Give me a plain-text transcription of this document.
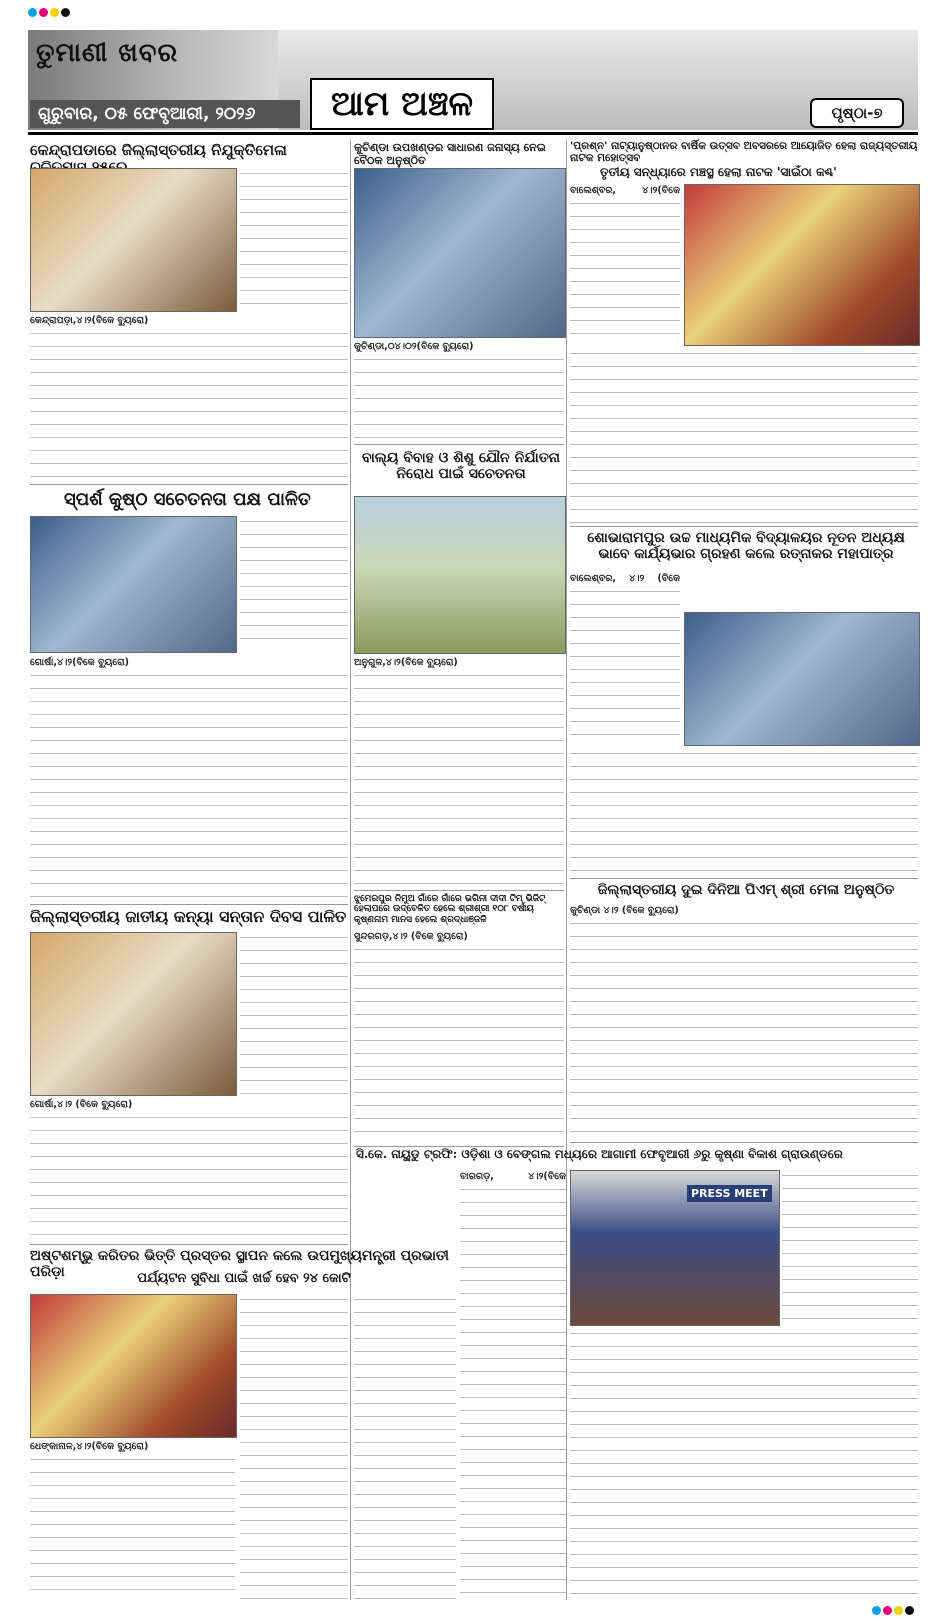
ତୁମାଣୀ ଖବର
ଗୁରୁବାର, ୦୫ ଫେବୃଆରୀ, ୨୦୨୬	ଆମ ଅଞ୍ଚଳ	ପୃଷ୍ଠା-୭
କେନ୍ଦ୍ରାପଡାରେ ଜିଲ୍ଲାସ୍ତରୀୟ ନିଯୁକ୍ତିମେଳା
କେନ୍ଦ୍ରାପଡ଼ା,୪।୨(ବିକେ ବ୍ୟୁରୋ)
କୁଚିଣ୍ଡା ଉପଖଣ୍ଡର ସାଧାରଣ ଜନାସ୍ୟ ନେଇ ବୈଠକ ଅନୁଷ୍ଠିତ
କୁଚିଣ୍ଡା,୦୪।୦୨(ବିକେ ବ୍ୟୁରୋ)
'ପ୍ରଶ୍ନ' ନାଟ୍ୟାନୁଷ୍ଠାନର ବାର୍ଷିକ ଉତ୍ସବ ଅବସରରେ ଆୟୋଜିତ ହେଲା ରାଜ୍ୟସ୍ତରୀୟ ନାଟକ ମହୋତ୍ସବ
ତୃତୀୟ ସନ୍ଧ୍ୟାରେ ମଞ୍ଚସ୍ଥ ହେଲା ନାଟକ 'ସାଇଁଠା କଣ୍ଢ'
ବାଲେଶ୍ବର, ୪।୨(ବିକେ
ସ୍ପର୍ଶ କୁଷ୍ଠ ସଚେତନତା ପକ୍ଷ ପାଳିତ
ଗୋର୍ଷା,୪।୨(ବିକେ ବ୍ୟୁରୋ)
ବାଲ୍ୟ ବିବାହ ଓ ଶିଶୁ ଯୌନ ନିର୍ଯାତନା ନିରୋଧ ପାଇଁ ସଚେତନତା
ଅନୁଗୁଳ,୪।୨(ବିକେ ବ୍ୟୁରୋ)
ଶୋଭାରାମପୁର ଉଚ୍ଚ ମାଧ୍ୟମିକ ବିଦ୍ୟାଳୟର ନୂତନ ଅଧ୍ୟକ୍ଷ ଭାବେ କାର୍ଯ୍ୟଭାର ଗ୍ରହଣ କଲେ ରତ୍ନାକର ମହାପାତ୍ର
ବାଲେଶ୍ବର, ୪।୨ (ବିକେ
ଜିଲ୍ଲାସ୍ତରୀୟ ଜାତୀୟ କନ୍ୟା ସନ୍ତାନ ଦିବସ ପାଳିତ
ଗୋର୍ଷା,୪।୨ (ବିକେ ବ୍ୟୁରୋ)
ଝୁମେରପୁର ନିମୁଅ ଗାଁରେ ଗାଁରେ ଭଗିନୀ ଦୀଦୀ ଟିମ୍ ଭିଜିଟ୍ ହେଲାପରେ ଉଦ୍ବେଳିତ ହେଲେ ଶ୍ରୀଶ୍ରୀ ୧୦୮ ବର୍ଷୀୟ କୃଷ୍ଣନାମ ମାନସ ହେଲେ ଶ୍ରଦ୍ଧାଞ୍ଜଳି
ସୁନ୍ଦରଗଡ଼,୪।୨ (ବିକେ ବ୍ୟୁରୋ)
ଜିଲ୍ଲାସ୍ତରୀୟ ଦୁଇ ଦିନିଆ ପିଏମ୍ ଶ୍ରୀ ମେଳା ଅନୁଷ୍ଠିତ
କୁଚିଣ୍ଡା ୪।୨ (ବିକେ ବ୍ୟୁରୋ)
ସି.କେ. ନାୟୁଡୁ ଟ୍ରଫି: ଓଡ଼ିଶା ଓ ବେଙ୍ଗଲ ମଧ୍ୟରେ ଆଗାମୀ ଫେବୃଆରୀ ୬ରୁ କୃଷ୍ଣା ବିକାଶ ଗ୍ରାଉଣ୍ଡରେ
ବାରଗଡ଼, ୪।୨(ବିକେ
PRESS MEET
ଅଷ୍ଟଶମ୍ଭୁ କରିତର ଭିତ୍ତି ପ୍ରସ୍ତର ସ୍ଥାପନ କଲେ ଉପମୁଖ୍ୟମନ୍ତ୍ରୀ ପ୍ରଭାତୀ ପରିଡ଼ା	ପର୍ଯ୍ୟଟନ ସୁବିଧା ପାଇଁ ଖର୍ଚ୍ଚ ହେବ ୨୪ କୋଟି
ଧେଙ୍କାନାଳ,୪।୨(ବିକେ ବ୍ୟୁରୋ)
